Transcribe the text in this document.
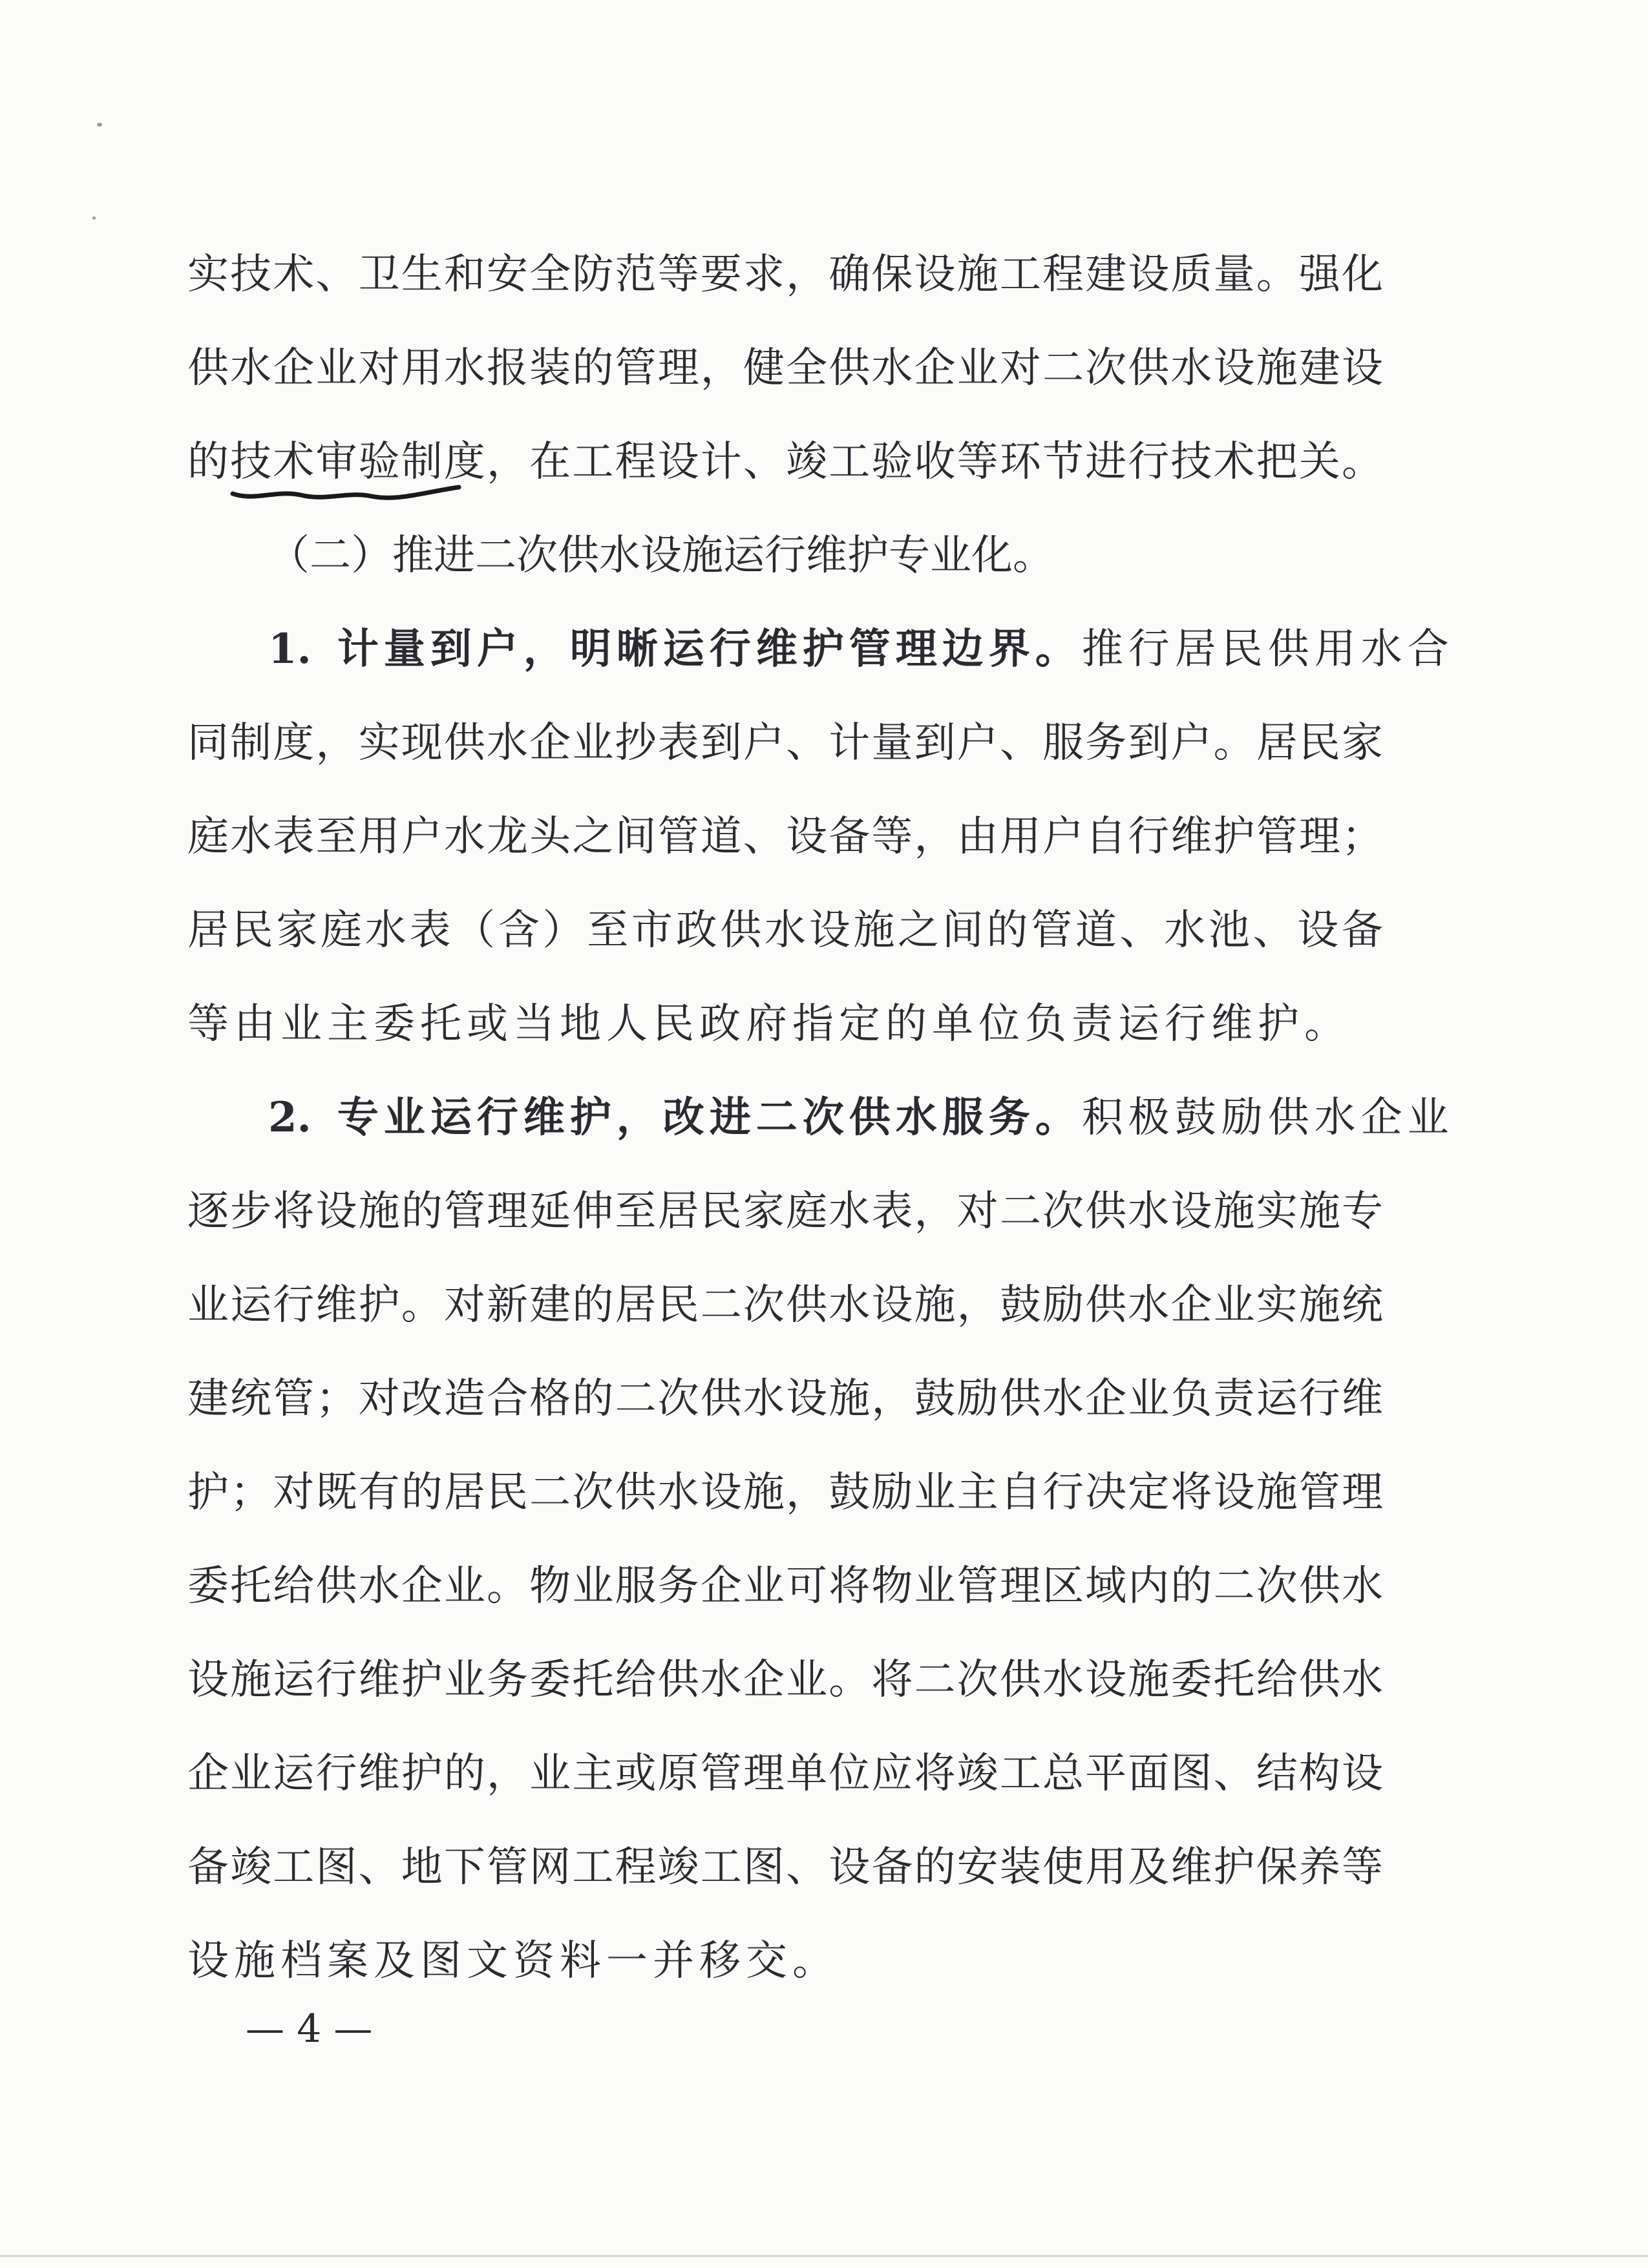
实技术、卫生和安全防范等要求，确保设施工程建设质量。强化
供水企业对用水报装的管理，健全供水企业对二次供水设施建设
的技术审验制度，在工程设计、竣工验收等环节进行技术把关。
（二）推进二次供水设施运行维护专业化。
1. 计量到户，明晰运行维护管理边界。 推行居民供用水合
同制度，实现供水企业抄表到户、计量到户、服务到户。居民家
庭水表至用户水龙头之间管道、设备等，由用户自行维护管理；
居民家庭水表（含）至市政供水设施之间的管道、水池、设备
等由业主委托或当地人民政府指定的单位负责运行维护。
2. 专业运行维护，改进二次供水服务。 积极鼓励供水企业
逐步将设施的管理延伸至居民家庭水表，对二次供水设施实施专
业运行维护。对新建的居民二次供水设施，鼓励供水企业实施统
建统管；对改造合格的二次供水设施，鼓励供水企业负责运行维
护；对既有的居民二次供水设施，鼓励业主自行决定将设施管理
委托给供水企业。物业服务企业可将物业管理区域内的二次供水
设施运行维护业务委托给供水企业。将二次供水设施委托给供水
企业运行维护的，业主或原管理单位应将竣工总平面图、结构设
备竣工图、地下管网工程竣工图、设备的安装使用及维护保养等
设施档案及图文资料一并移交。
— 4 —
